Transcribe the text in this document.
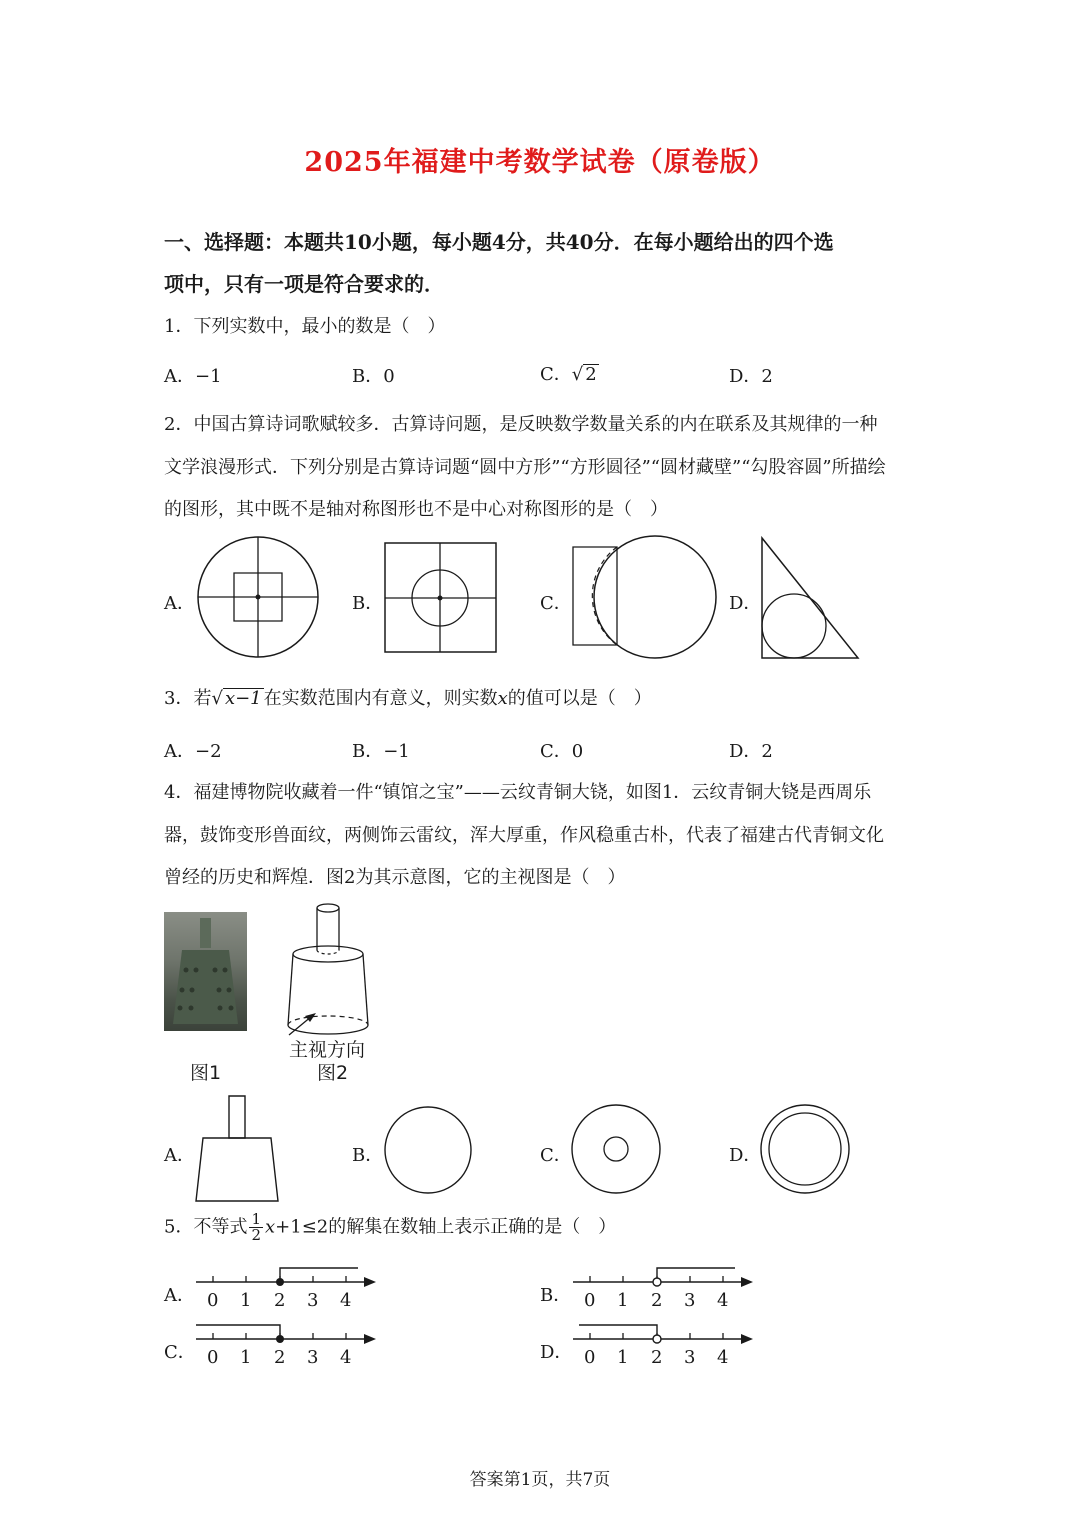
2025年福建中考数学试卷（原卷版）
一、选择题：本题共10小题，每小题4分，共40分．在每小题给出的四个选
项中，只有一项是符合要求的．
1．下列实数中，最小的数是（　）
A．−1	B．0	C．√ 2	D．2
2．中国古算诗词歌赋较多．古算诗问题，是反映数学数量关系的内在联系及其规律的一种
文学浪漫形式．下列分别是古算诗词题“圆中方形”“方形圆径”“圆材藏壁”“勾股容圆”所描绘
的图形，其中既不是轴对称图形也不是中心对称图形的是（　）
A．	B．	C．	D．
3．若√ x−1 在实数范围内有意义，则实数x的值可以是（　）
A．−2	B．−1	C．0	D．2
4．福建博物院收藏着一件“镇馆之宝”——云纹青铜大铙，如图1．云纹青铜大铙是西周乐
器，鼓饰变形兽面纹，两侧饰云雷纹，浑大厚重，作风稳重古朴，代表了福建古代青铜文化
曾经的历史和辉煌．图2为其示意图，它的主视图是（　）
主视方向
图1	图2
A．	B．	C．	D．
5．不等式 $\frac{1}{2} x+1\le 2$的解集在数轴上表示正确的是（　）
A．	B．
C．	D．
0 1 2 3 4	0 1 2 3 4
0 1 2 3 4	0 1 2 3 4
答案第1页，共7页
